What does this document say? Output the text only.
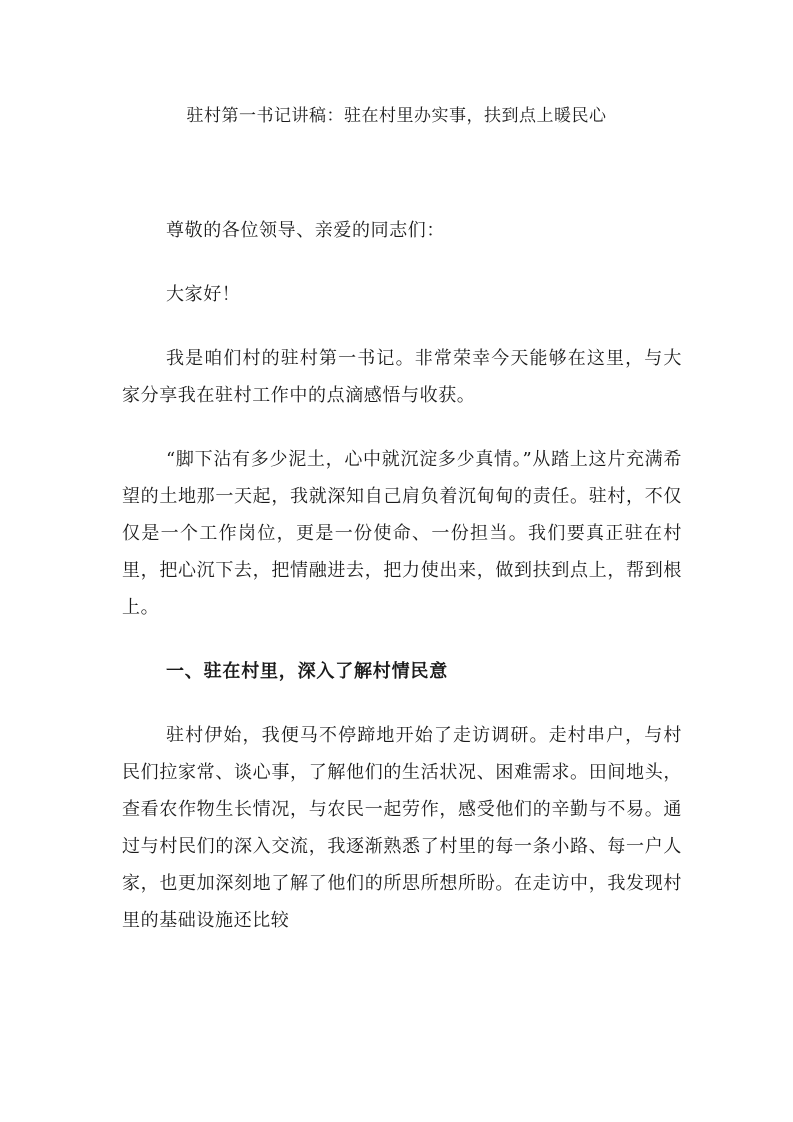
驻村第一书记讲稿：驻在村里办实事，扶到点上暖民心

尊敬的各位领导、亲爱的同志们：

大家好！

我是咱们村的驻村第一书记。非常荣幸今天能够在这里，与大家分享我在驻村工作中的点滴感悟与收获。

“脚下沾有多少泥土，心中就沉淀多少真情。”从踏上这片充满希望的土地那一天起，我就深知自己肩负着沉甸甸的责任。驻村，不仅仅是一个工作岗位，更是一份使命、一份担当。我们要真正驻在村里，把心沉下去，把情融进去，把力使出来，做到扶到点上，帮到根上。

一、驻在村里，深入了解村情民意

驻村伊始，我便马不停蹄地开始了走访调研。走村串户，与村民们拉家常、谈心事，了解他们的生活状况、困难需求。田间地头，查看农作物生长情况，与农民一起劳作，感受他们的辛勤与不易。通过与村民们的深入交流，我逐渐熟悉了村里的每一条小路、每一户人家，也更加深刻地了解了他们的所思所想所盼。在走访中，我发现村里的基础设施还比较
